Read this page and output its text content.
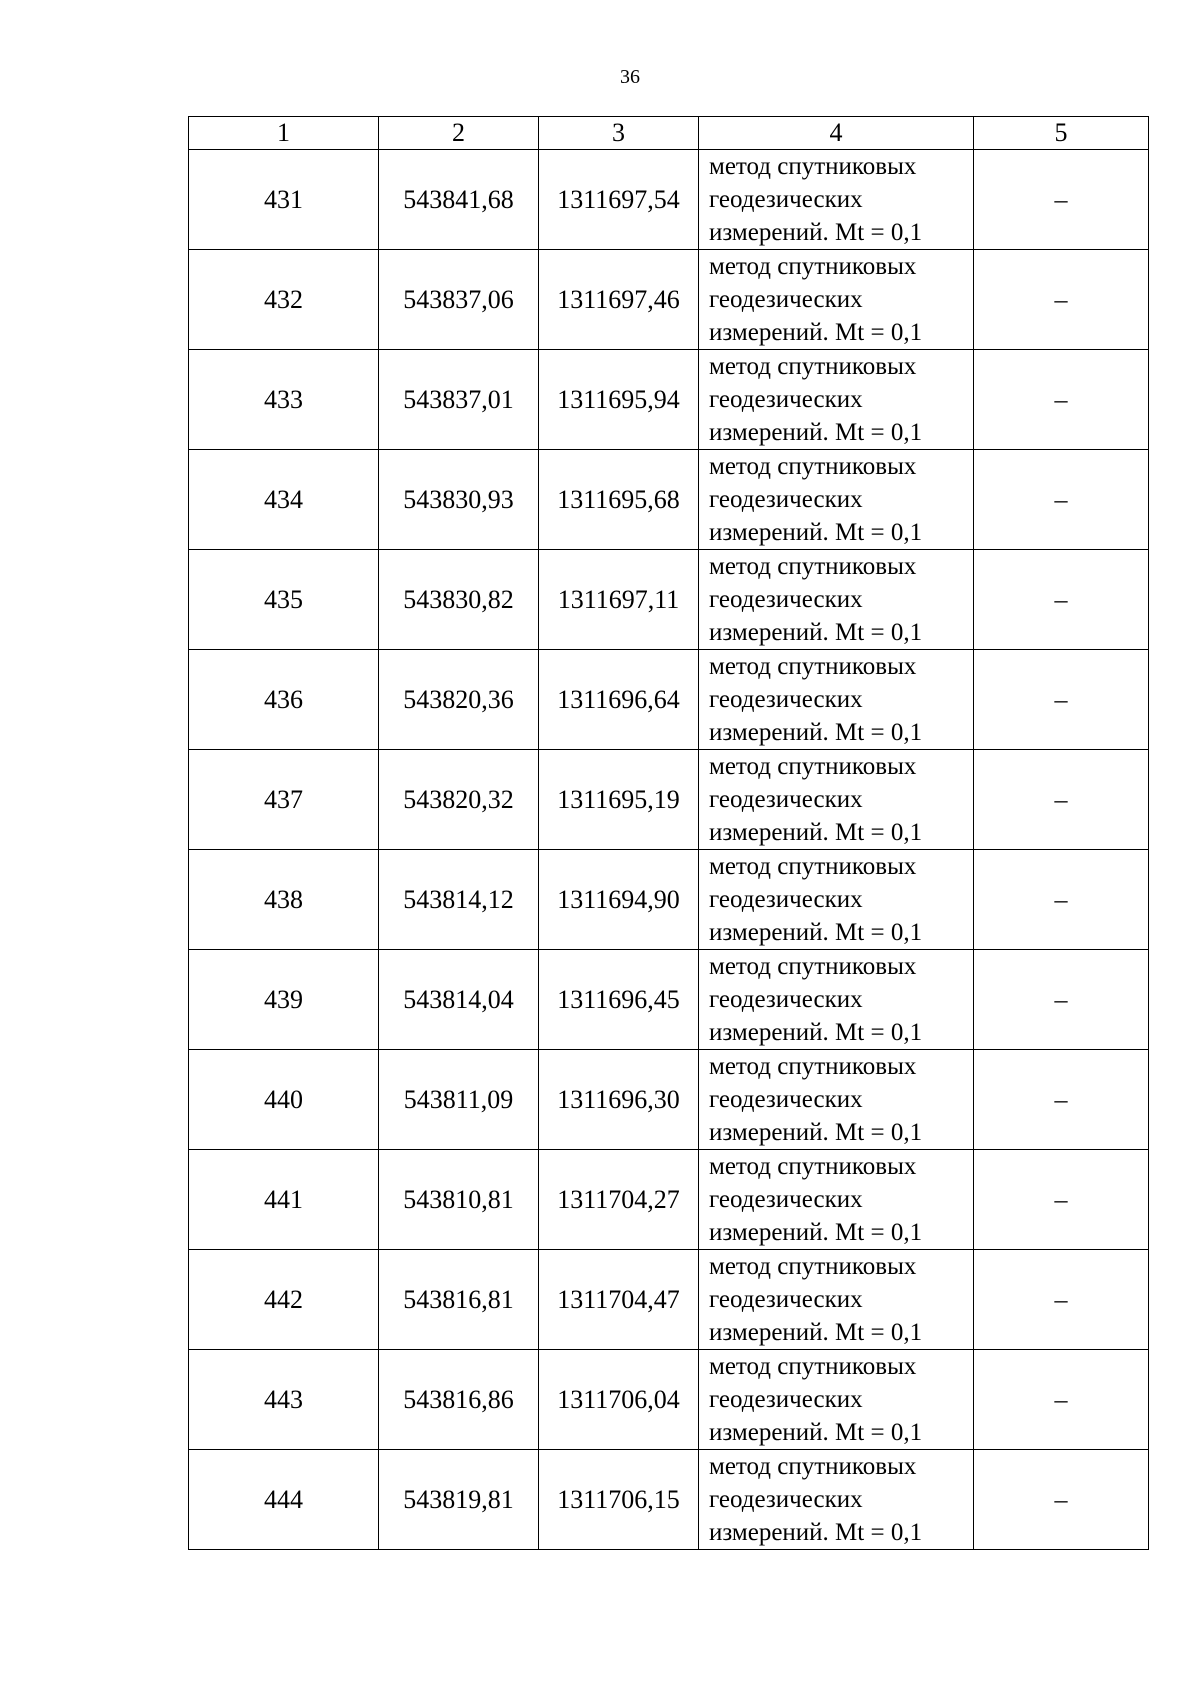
36
1	2	3	4	5
431	543841,68	1311697,54	метод спутниковых
геодезических
измерений. Mt = 0,1	–
432	543837,06	1311697,46	метод спутниковых
геодезических
измерений. Mt = 0,1	–
433	543837,01	1311695,94	метод спутниковых
геодезических
измерений. Mt = 0,1	–
434	543830,93	1311695,68	метод спутниковых
геодезических
измерений. Mt = 0,1	–
435	543830,82	1311697,11	метод спутниковых
геодезических
измерений. Mt = 0,1	–
436	543820,36	1311696,64	метод спутниковых
геодезических
измерений. Mt = 0,1	–
437	543820,32	1311695,19	метод спутниковых
геодезических
измерений. Mt = 0,1	–
438	543814,12	1311694,90	метод спутниковых
геодезических
измерений. Mt = 0,1	–
439	543814,04	1311696,45	метод спутниковых
геодезических
измерений. Mt = 0,1	–
440	543811,09	1311696,30	метод спутниковых
геодезических
измерений. Mt = 0,1	–
441	543810,81	1311704,27	метод спутниковых
геодезических
измерений. Mt = 0,1	–
442	543816,81	1311704,47	метод спутниковых
геодезических
измерений. Mt = 0,1	–
443	543816,86	1311706,04	метод спутниковых
геодезических
измерений. Mt = 0,1	–
444	543819,81	1311706,15	метод спутниковых
геодезических
измерений. Mt = 0,1	–
